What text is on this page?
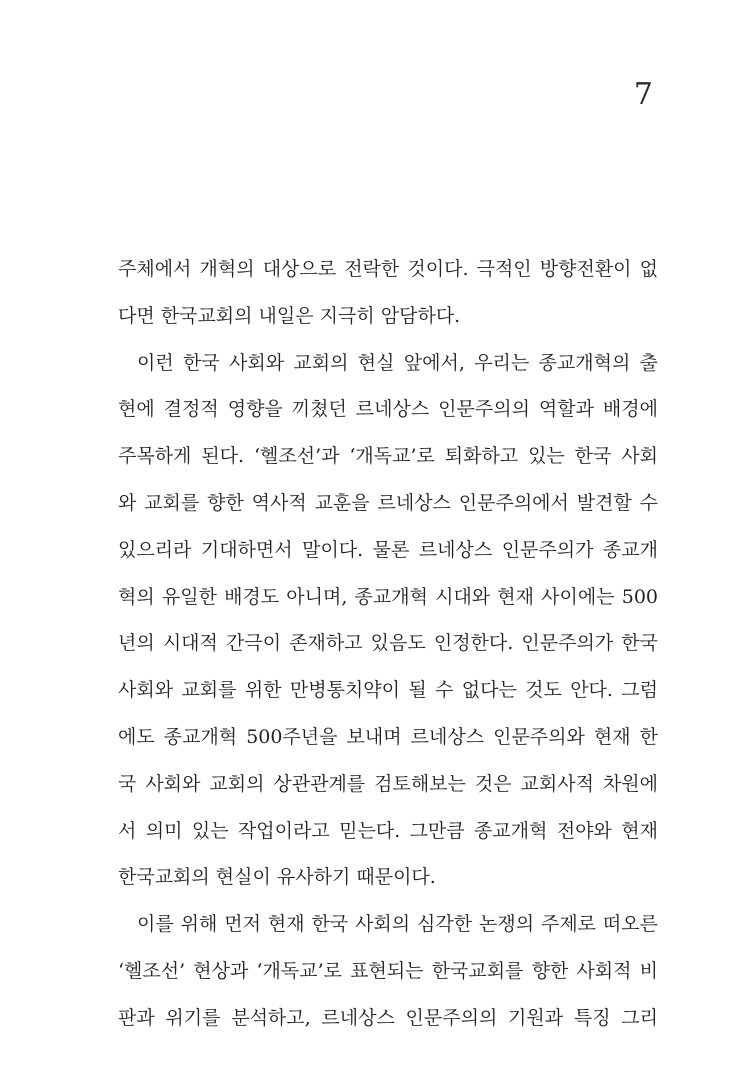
7
주체에서 개혁의 대상으로 전락한 것이다. 극적인 방향전환이 없
다면 한국교회의 내일은 지극히 암담하다.
이런 한국 사회와 교회의 현실 앞에서, 우리는 종교개혁의 출
현에 결정적 영향을 끼쳤던 르네상스 인문주의의 역할과 배경에
주목하게 된다. ‘헬조선’과 ‘개독교’로 퇴화하고 있는 한국 사회
와 교회를 향한 역사적 교훈을 르네상스 인문주의에서 발견할 수
있으리라 기대하면서 말이다. 물론 르네상스 인문주의가 종교개
혁의 유일한 배경도 아니며, 종교개혁 시대와 현재 사이에는 500
년의 시대적 간극이 존재하고 있음도 인정한다. 인문주의가 한국
사회와 교회를 위한 만병통치약이 될 수 없다는 것도 안다. 그럼
에도 종교개혁 500주년을 보내며 르네상스 인문주의와 현재 한
국 사회와 교회의 상관관계를 검토해보는 것은 교회사적 차원에
서 의미 있는 작업이라고 믿는다. 그만큼 종교개혁 전야와 현재
한국교회의 현실이 유사하기 때문이다.
이를 위해 먼저 현재 한국 사회의 심각한 논쟁의 주제로 떠오른
‘헬조선’ 현상과 ‘개독교’로 표현되는 한국교회를 향한 사회적 비
판과 위기를 분석하고, 르네상스 인문주의의 기원과 특징 그리
